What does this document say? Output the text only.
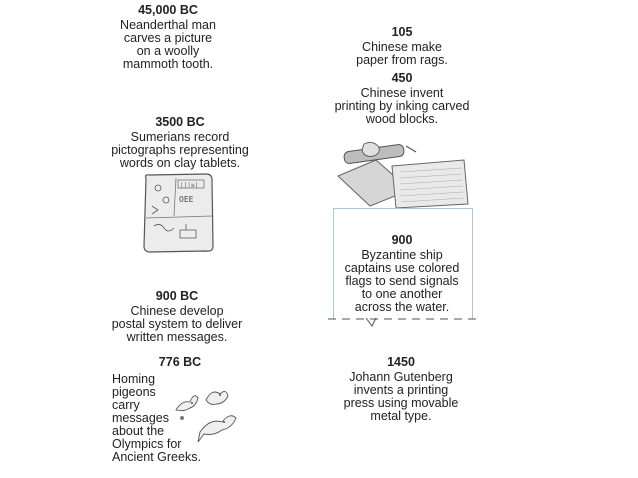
45,000 BC
Neanderthal man
carves a picture
on a woolly
mammoth tooth.
105
Chinese make
paper from rags.
450
Chinese invent
printing by inking carved
wood blocks.
3500 BC
Sumerians record
pictographs representing
words on clay tablets.
|||≡|
OEE
900
Byzantine ship
captains use colored
flags to send signals
to one another
across the water.
900 BC
Chinese develop
postal system to deliver
written messages.
776 BC
Homing
pigeons
carry
messages
about the
Olympics for
Ancient Greeks.
1450
Johann Gutenberg
invents a printing
press using movable
metal type.
